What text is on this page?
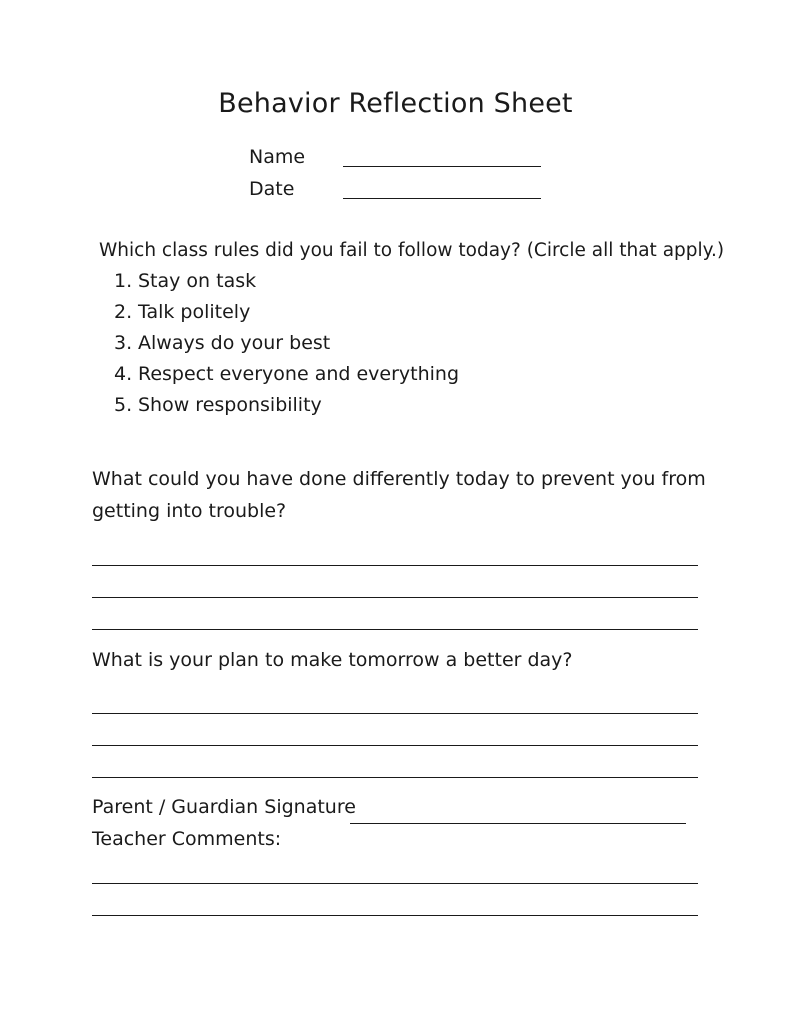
Behavior Reflection Sheet
Name
Date
Which class rules did you fail to follow today? (Circle all that apply.)
1. Stay on task
2. Talk politely
3. Always do your best
4. Respect everyone and everything
5. Show responsibility
What could you have done differently today to prevent you from
getting into trouble?
What is your plan to make tomorrow a better day?
Parent / Guardian Signature
Teacher Comments:
